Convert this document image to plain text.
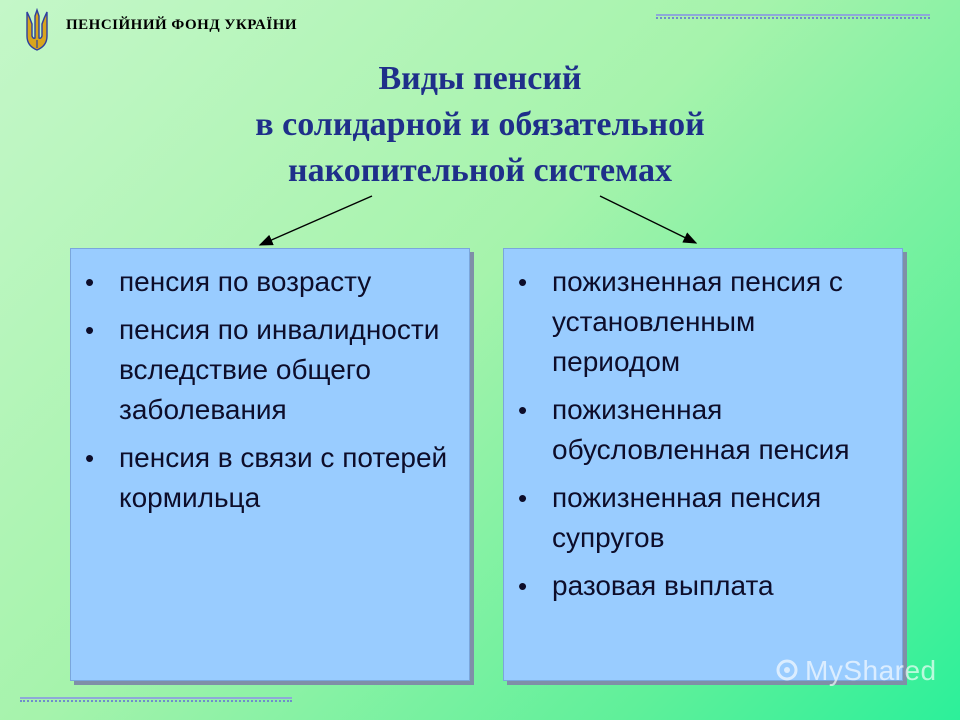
ПЕНСІЙНИЙ ФОНД УКРАЇНИ
Виды пенсий
в солидарной и обязательной
накопительной системах
• пенсия по возрасту
• пенсия по инвалидности вследствие общего заболевания
• пенсия в связи с потерей кормильца
• пожизненная пенсия с установленным периодом
• пожизненная обусловленная пенсия
• пожизненная пенсия супругов
• разовая выплата
MyShared
